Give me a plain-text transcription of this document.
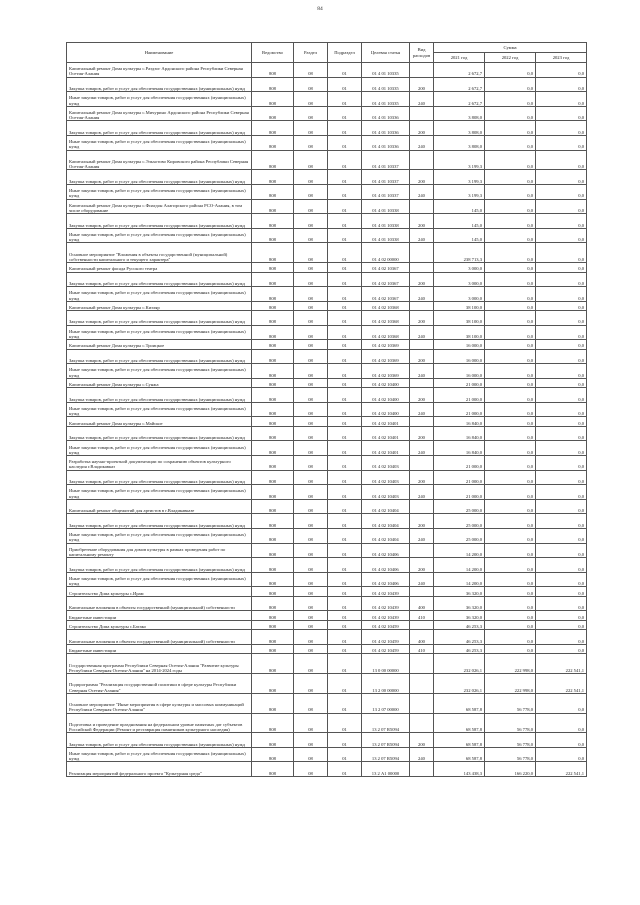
84
Наименование	Ведомство	Раздел	Подраздел	Целевая статья	Вид расходов	Сумма		
						2021 год	2022 год	2023 год
Капитальный ремонт Дома культуры с.Раздзог Ардонского района Республики Северная Осетия-Алания	808	08	01	01 4 01 10335		2 672,7	0,0	0,0
Закупка товаров, работ и услуг для обеспечения государственных (муниципальных) нужд	808	08	01	01 4 01 10335	200	2 672,7	0,0	0,0
Иные закупки товаров, работ и услуг для обеспечения государственных (муниципальных) нужд	808	08	01	01 4 01 10335	240	2 672,7	0,0	0,0
Капитальный ремонт Дома культуры с.Мичурино Ардонского района Республики Северная Осетия-Алания	808	08	01	01 4 01 10336		3 808,0	0,0	0,0
Закупка товаров, работ и услуг для обеспечения государственных (муниципальных) нужд	808	08	01	01 4 01 10336	200	3 808,0	0,0	0,0
Иные закупки товаров, работ и услуг для обеспечения государственных (муниципальных) нужд	808	08	01	01 4 01 10336	240	3 808,0	0,0	0,0
Капитальный ремонт Дома культуры с.Эльхотово Кировского района Республики Северная Осетия-Алания	808	08	01	01 4 01 10337		3 199,3	0,0	0,0
Закупка товаров, работ и услуг для обеспечения государственных (муниципальных) нужд	808	08	01	01 4 01 10337	200	3 199,3	0,0	0,0
Иные закупки товаров, работ и услуг для обеспечения государственных (муниципальных) нужд	808	08	01	01 4 01 10337	240	3 199,3	0,0	0,0
Капитальный ремонт Дома культуры с.Фиагдон Алагирского района РСО-Алания, в том числе оборудование	808	08	01	01 4 01 10338		145,0	0,0	0,0
Закупка товаров, работ и услуг для обеспечения государственных (муниципальных) нужд	808	08	01	01 4 01 10338	200	145,0	0,0	0,0
Иные закупки товаров, работ и услуг для обеспечения государственных (муниципальных) нужд	808	08	01	01 4 01 10338	240	145,0	0,0	0,0
Основное мероприятие "Вложения в объекты государственной (муниципальной) собственности капитального и текущего характера"	808	08	01	01 4 02 00000		238 713,3	0,0	0,0
Капитальный ремонт фасада Русского театра	808	08	01	01 4 02 10367		3 000,0	0,0	0,0
Закупка товаров, работ и услуг для обеспечения государственных (муниципальных) нужд	808	08	01	01 4 02 10367	200	3 000,0	0,0	0,0
Иные закупки товаров, работ и услуг для обеспечения государственных (муниципальных) нужд	808	08	01	01 4 02 10367	240	3 000,0	0,0	0,0
Капитальный ремонт Дома культуры с.Кизляр	808	08	01	01 4 02 10368		38 100,0	0,0	0,0
Закупка товаров, работ и услуг для обеспечения государственных (муниципальных) нужд	808	08	01	01 4 02 10368	200	38 100,0	0,0	0,0
Иные закупки товаров, работ и услуг для обеспечения государственных (муниципальных) нужд	808	08	01	01 4 02 10368	240	38 100,0	0,0	0,0
Капитальный ремонт Дома культуры с.Троицкое	808	08	01	01 4 02 10369		16 000,0	0,0	0,0
Закупка товаров, работ и услуг для обеспечения государственных (муниципальных) нужд	808	08	01	01 4 02 10369	200	16 000,0	0,0	0,0
Иные закупки товаров, работ и услуг для обеспечения государственных (муниципальных) нужд	808	08	01	01 4 02 10369	240	16 000,0	0,0	0,0
Капитальный ремонт Дома культуры с.Сунжа	808	08	01	01 4 02 10400		21 000,0	0,0	0,0
Закупка товаров, работ и услуг для обеспечения государственных (муниципальных) нужд	808	08	01	01 4 02 10400	200	21 000,0	0,0	0,0
Иные закупки товаров, работ и услуг для обеспечения государственных (муниципальных) нужд	808	08	01	01 4 02 10400	240	21 000,0	0,0	0,0
Капитальный ремонт Дома культуры с.Майское	808	08	01	01 4 02 10401		16 840,0	0,0	0,0
Закупка товаров, работ и услуг для обеспечения государственных (муниципальных) нужд	808	08	01	01 4 02 10401	200	16 840,0	0,0	0,0
Иные закупки товаров, работ и услуг для обеспечения государственных (муниципальных) нужд	808	08	01	01 4 02 10401	240	16 840,0	0,0	0,0
Разработка научно-проектной документации по сохранению объектов культурного наследия г.Владикавказ	808	08	01	01 4 02 10403		21 000,0	0,0	0,0
Закупка товаров, работ и услуг для обеспечения государственных (муниципальных) нужд	808	08	01	01 4 02 10403	200	21 000,0	0,0	0,0
Иные закупки товаров, работ и услуг для обеспечения государственных (муниципальных) нужд	808	08	01	01 4 02 10403	240	21 000,0	0,0	0,0
Капитальный ремонт общежитий для артистов в г.Владикавказе	808	08	01	01 4 02 10404		25 000,0	0,0	0,0
Закупка товаров, работ и услуг для обеспечения государственных (муниципальных) нужд	808	08	01	01 4 02 10404	200	25 000,0	0,0	0,0
Иные закупки товаров, работ и услуг для обеспечения государственных (муниципальных) нужд	808	08	01	01 4 02 10404	240	25 000,0	0,0	0,0
Приобретение оборудования для домов культуры в рамках проведения работ по капитальному ремонту	808	08	01	01 4 02 10406		14 200,0	0,0	0,0
Закупка товаров, работ и услуг для обеспечения государственных (муниципальных) нужд	808	08	01	01 4 02 10406	200	14 200,0	0,0	0,0
Иные закупки товаров, работ и услуг для обеспечения государственных (муниципальных) нужд	808	08	01	01 4 02 10406	240	14 200,0	0,0	0,0
Строительство Дома культуры с.Ирам	808	08	01	01 4 02 10439		36 320,0	0,0	0,0
Капитальные вложения в объекты государственной (муниципальной) собственности	808	08	01	01 4 02 10439	400	36 320,0	0,0	0,0
Бюджетные инвестиции	808	08	01	01 4 02 10439	410	36 320,0	0,0	0,0
Строительство Дома культуры с.Батако	808	08	01	01 4 02 10459		46 253,3	0,0	0,0
Капитальные вложения в объекты государственной (муниципальной) собственности	808	08	01	01 4 02 10459	400	46 253,3	0,0	0,0
Бюджетные инвестиции	808	08	01	01 4 02 10459	410	46 253,3	0,0	0,0
Государственная программа Республики Северная Осетия-Алания "Развитие культуры Республики Северная Осетия-Алания" на 2014-2024 годы	808	08	01	13 0 00 00000		232 026,1	222 998,0	222 541,1
Подпрограмма "Реализация государственной политики в сфере культуры Республики Северная Осетия-Алания"	808	08	01	13 2 00 00000		232 026,1	222 998,0	222 541,1
Основное мероприятие "Иные мероприятия в сфере культуры и массовых коммуникаций Республики Северная Осетия-Алания"	808	08	01	13 2 07 00000		68 587,8	56 778,0	0,0
Подготовка и проведение празднования на федеральном уровне памятных дат субъектов Российской Федерации (Ремонт и реставрация памятников культурного наследия)	808	08	01	13 2 07 R5094		68 587,8	56 778,0	0,0
Закупка товаров, работ и услуг для обеспечения государственных (муниципальных) нужд	808	08	01	13 2 07 R5094	200	68 587,8	56 778,0	0,0
Иные закупки товаров, работ и услуг для обеспечения государственных (муниципальных) нужд	808	08	01	13 2 07 R5094	240	68 587,8	56 778,0	0,0
Реализация мероприятий федерального проекта "Культурная среда"	808	08	01	13 2 А1 00000		143 438,3	166 220,0	222 541,1
